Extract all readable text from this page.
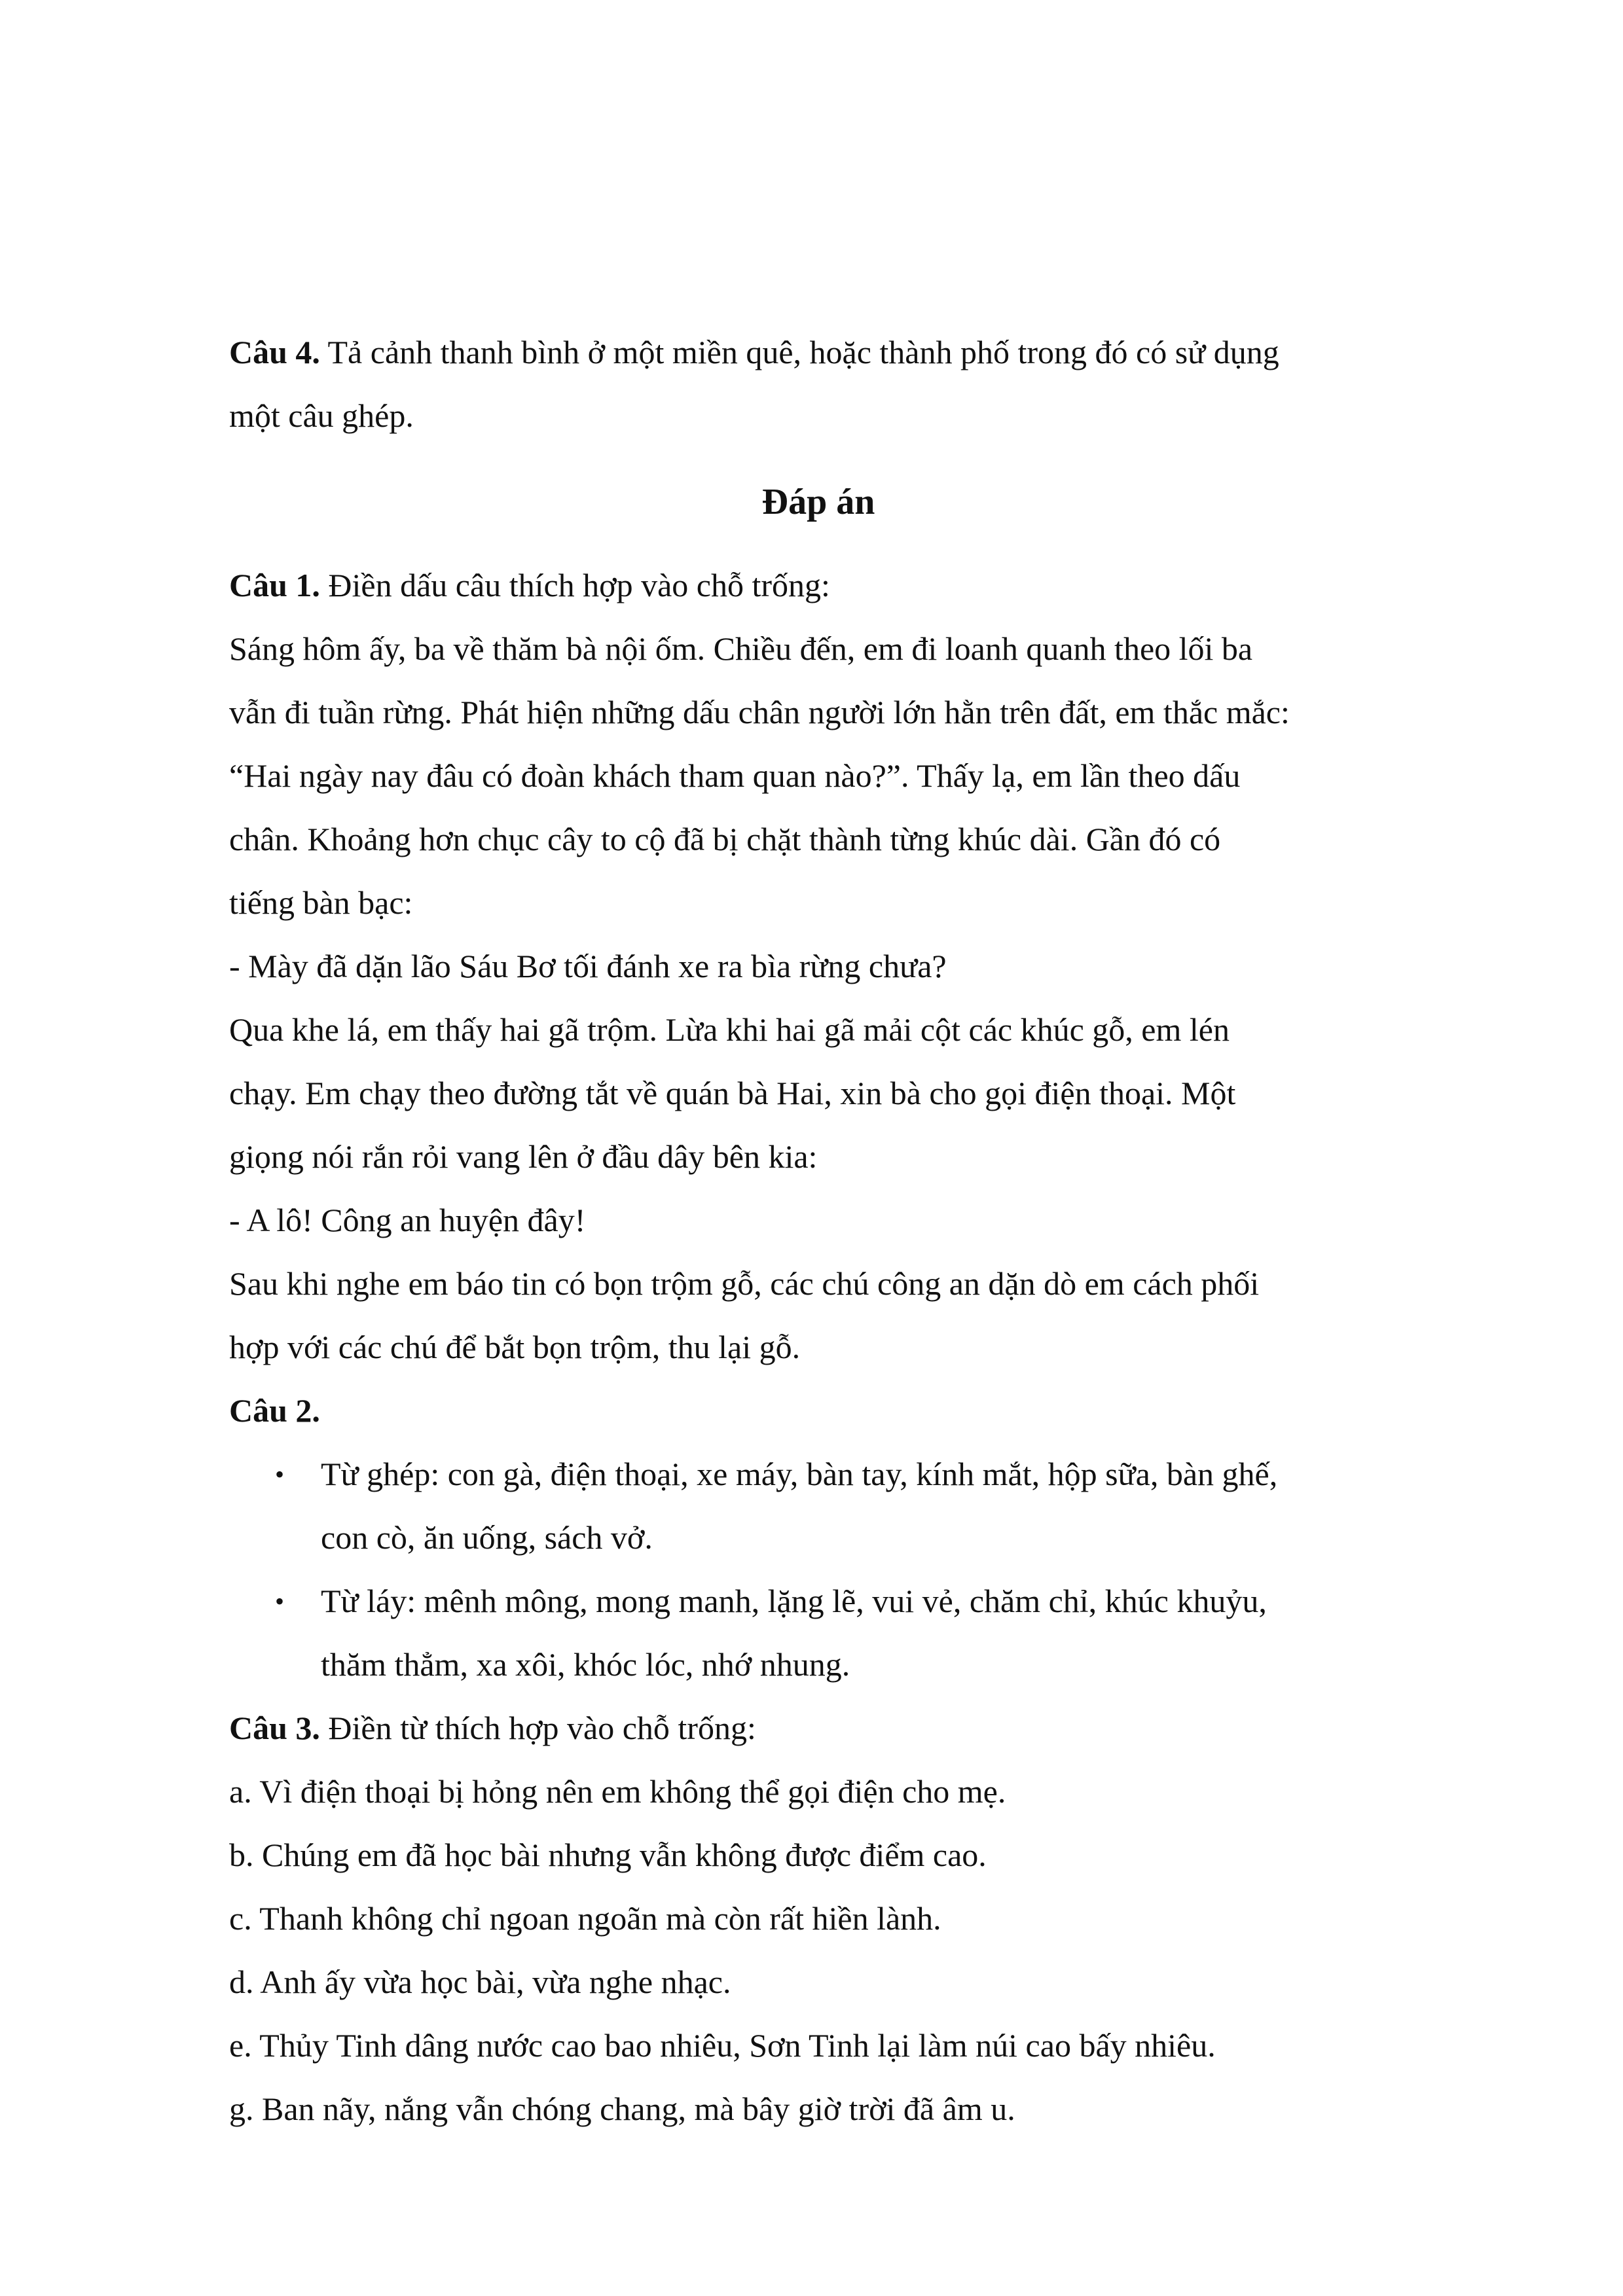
Câu 4. Tả cảnh thanh bình ở một miền quê, hoặc thành phố trong đó có sử dụng

một câu ghép.

Đáp án

Câu 1. Điền dấu câu thích hợp vào chỗ trống:

Sáng hôm ấy, ba về thăm bà nội ốm. Chiều đến, em đi loanh quanh theo lối ba

vẫn đi tuần rừng. Phát hiện những dấu chân người lớn hằn trên đất, em thắc mắc:

“Hai ngày nay đâu có đoàn khách tham quan nào?”. Thấy lạ, em lần theo dấu

chân. Khoảng hơn chục cây to cộ đã bị chặt thành từng khúc dài. Gần đó có

tiếng bàn bạc:

- Mày đã dặn lão Sáu Bơ tối đánh xe ra bìa rừng chưa?

Qua khe lá, em thấy hai gã trộm. Lừa khi hai gã mải cột các khúc gỗ, em lén

chạy. Em chạy theo đường tắt về quán bà Hai, xin bà cho gọi điện thoại. Một

giọng nói rắn rỏi vang lên ở đầu dây bên kia:

- A lô! Công an huyện đây!

Sau khi nghe em báo tin có bọn trộm gỗ, các chú công an dặn dò em cách phối

hợp với các chú để bắt bọn trộm, thu lại gỗ.

Câu 2.

• Từ ghép: con gà, điện thoại, xe máy, bàn tay, kính mắt, hộp sữa, bàn ghế,

con cò, ăn uống, sách vở.

• Từ láy: mênh mông, mong manh, lặng lẽ, vui vẻ, chăm chỉ, khúc khuỷu,

thăm thẳm, xa xôi, khóc lóc, nhớ nhung.

Câu 3. Điền từ thích hợp vào chỗ trống:

a. Vì điện thoại bị hỏng nên em không thể gọi điện cho mẹ.

b. Chúng em đã học bài nhưng vẫn không được điểm cao.

c. Thanh không chỉ ngoan ngoãn mà còn rất hiền lành.

d. Anh ấy vừa học bài, vừa nghe nhạc.

e. Thủy Tinh dâng nước cao bao nhiêu, Sơn Tinh lại làm núi cao bấy nhiêu.

g. Ban nãy, nắng vẫn chóng chang, mà bây giờ trời đã âm u.
